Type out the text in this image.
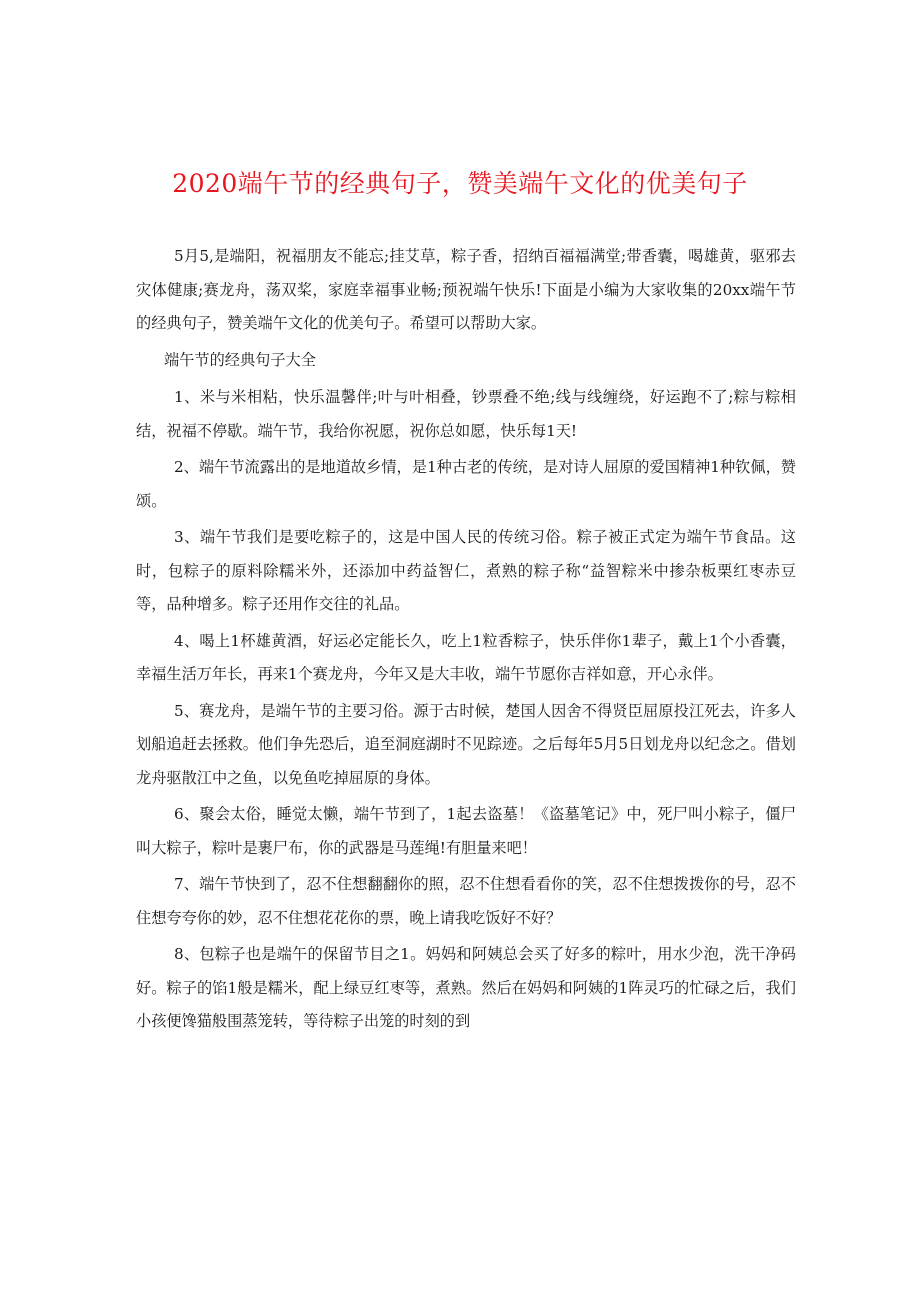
2020端午节的经典句子，赞美端午文化的优美句子

5月5,是端阳，祝福朋友不能忘;挂艾草，粽子香，招纳百福福满堂;带香囊，喝雄黄，驱邪去灾体健康;赛龙舟，荡双桨，家庭幸福事业畅;预祝端午快乐!下面是小编为大家收集的20xx端午节的经典句子，赞美端午文化的优美句子。希望可以帮助大家。

端午节的经典句子大全

1、米与米相粘，快乐温馨伴;叶与叶相叠，钞票叠不绝;线与线缠绕，好运跑不了;粽与粽相结，祝福不停歇。端午节，我给你祝愿，祝你总如愿，快乐每1天!

2、端午节流露出的是地道故乡情，是1种古老的传统，是对诗人屈原的爱国精神1种钦佩，赞颂。

3、端午节我们是要吃粽子的，这是中国人民的传统习俗。粽子被正式定为端午节食品。这时，包粽子的原料除糯米外，还添加中药益智仁，煮熟的粽子称“益智粽米中掺杂板栗红枣赤豆等，品种增多。粽子还用作交往的礼品。

4、喝上1杯雄黄酒，好运必定能长久，吃上1粒香粽子，快乐伴你1辈子，戴上1个小香囊，幸福生活万年长，再来1个赛龙舟，今年又是大丰收，端午节愿你吉祥如意，开心永伴。

5、赛龙舟，是端午节的主要习俗。源于古时候，楚国人因舍不得贤臣屈原投江死去，许多人划船追赶去拯救。他们争先恐后，追至洞庭湖时不见踪迹。之后每年5月5日划龙舟以纪念之。借划龙舟驱散江中之鱼，以免鱼吃掉屈原的身体。

6、聚会太俗，睡觉太懒，端午节到了，1起去盗墓！《盗墓笔记》中，死尸叫小粽子，僵尸叫大粽子，粽叶是裹尸布，你的武器是马莲绳!有胆量来吧！

7、端午节快到了，忍不住想翻翻你的照，忍不住想看看你的笑，忍不住想拨拨你的号，忍不住想夸夸你的妙，忍不住想花花你的票，晚上请我吃饭好不好？

8、包粽子也是端午的保留节目之1。妈妈和阿姨总会买了好多的粽叶，用水少泡，洗干净码好。粽子的馅1般是糯米，配上绿豆红枣等，煮熟。然后在妈妈和阿姨的1阵灵巧的忙碌之后，我们小孩便馋猫般围蒸笼转，等待粽子出笼的时刻的到
